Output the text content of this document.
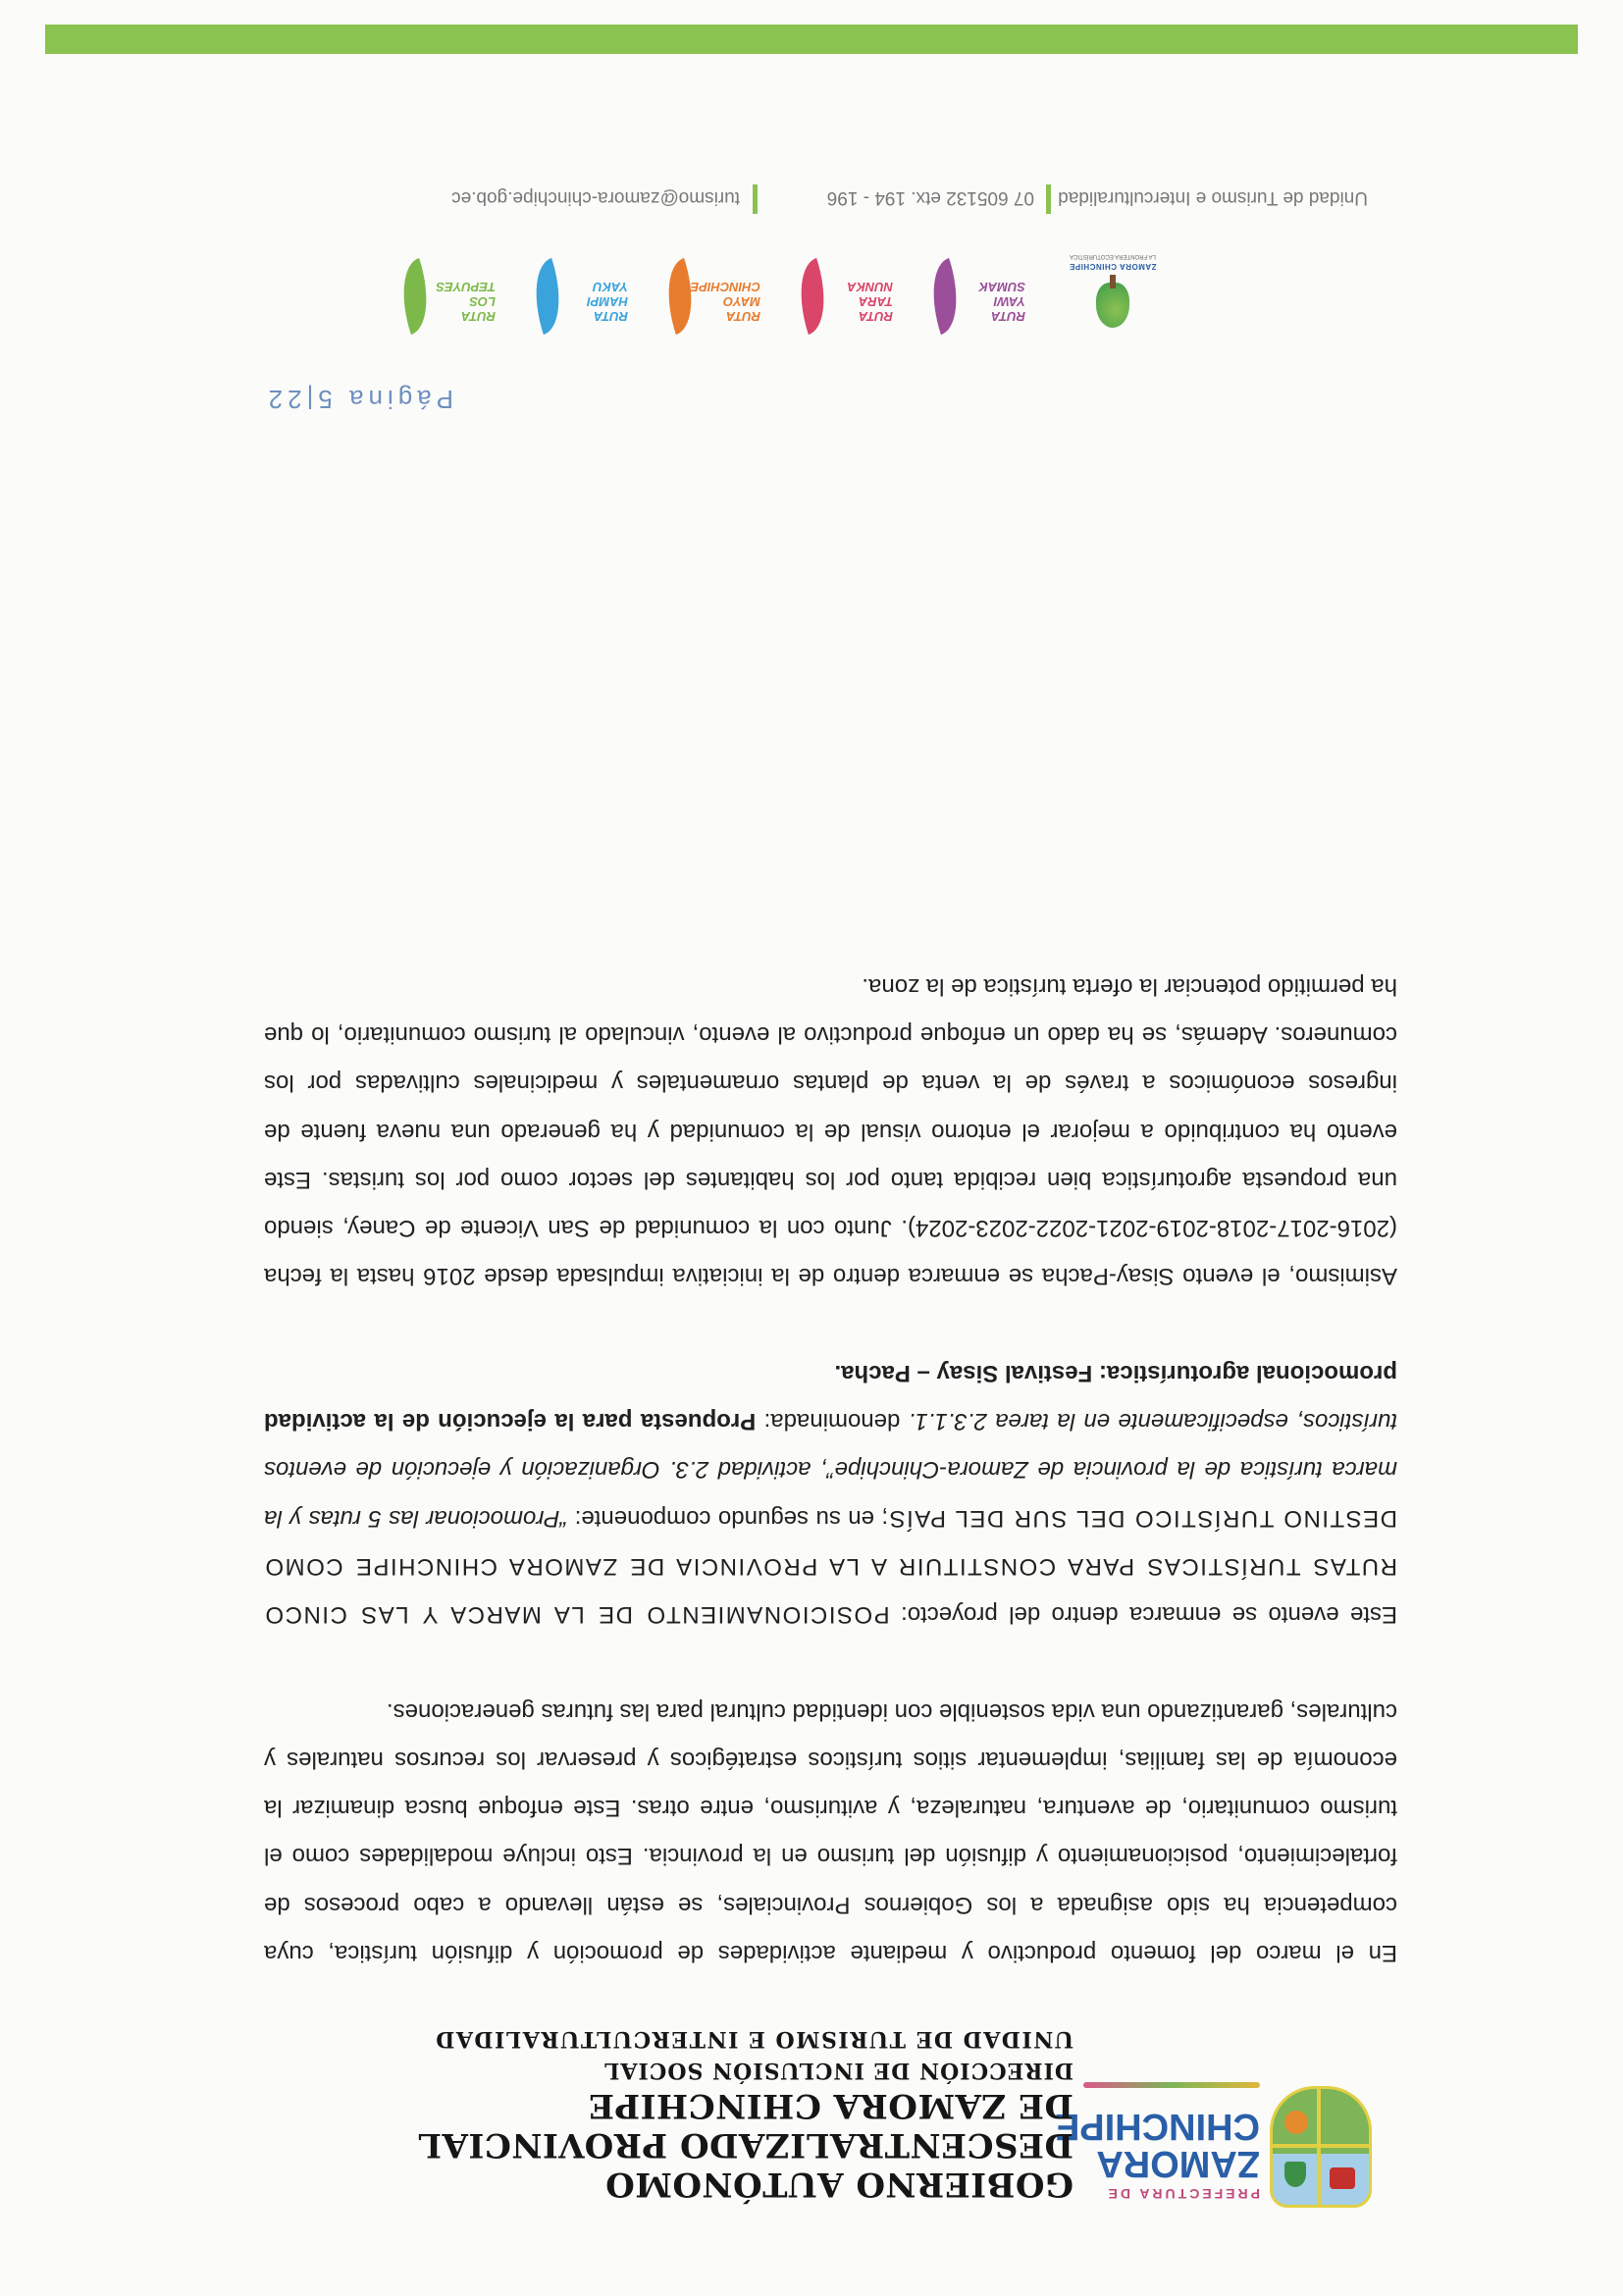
PREFECTURA DE
ZAMORA
CHINCHIPE
GOBIERNO AUTÓNOMO DESCENTRALIZADO PROVINCIAL
DE ZAMORA CHINCHIPE
DIRECCIÓN DE INCLUSIÓN SOCIAL
UNIDAD DE TURISMO E INTERCULTURALIDAD

En el marco del fomento productivo y mediante actividades de promoción y difusión turística, cuya competencia ha sido asignada a los Gobiernos Provinciales, se están llevando a cabo procesos de fortalecimiento, posicionamiento y difusión del turismo en la provincia. Esto incluye modalidades como el turismo comunitario, de aventura, naturaleza, y aviturismo, entre otras. Este enfoque busca dinamizar la economía de las familias, implementar sitios turísticos estratégicos y preservar los recursos naturales y culturales, garantizando una vida sostenible con identidad cultural para las futuras generaciones.

Este evento se enmarca dentro del proyecto: POSICIONAMIENTO DE LA MARCA Y LAS CINCO RUTAS TURÍSTICAS PARA CONSTITUIR A LA PROVINCIA DE ZAMORA CHINCHIPE COMO DESTINO TURÍSTICO DEL SUR DEL PAÍS; en su segundo componente: “Promocionar las 5 rutas y la marca turística de la provincia de Zamora-Chinchipe”, actividad 2.3. Organización y ejecución de eventos turísticos, especificamente en la tarea 2.3.1.1. denominada: Propuesta para la ejecución de la actividad promocional agroturística: Festival Sisay – Pacha.

Asimismo, el evento Sisay-Pacha se enmarca dentro de la iniciativa impulsada desde 2016 hasta la fecha (2016-2017-2018-2019-2021-2022-2023-2024). Junto con la comunidad de San Vicente de Caney, siendo una propuesta agroturística bien recibida tanto por los habitantes del sector como por los turistas. Este evento ha contribuido a mejorar el entorno visual de la comunidad y ha generado una nueva fuente de ingresos económicos a través de la venta de plantas ornamentales y medicinales cultivadas por los comuneros. Además, se ha dado un enfoque productivo al evento, vinculado al turismo comunitario, lo que ha permitido potenciar la oferta turística de la zona.

Página 5|22
ZAMORA CHINCHIPE
LA FRONTERA ECOTURÍSTICA
RUTA
YAWI
SUMAK
RUTA
TARA
NUNKA
RUTA
MAYO
CHINCHIPE
RUTA
HAMPI
YAKU
RUTA
LOS
TEPUYES
Unidad de Turismo e Interculturalidad
07 605132 etx. 194 - 196
turismo@zamora-chinchipe.gob.ec
